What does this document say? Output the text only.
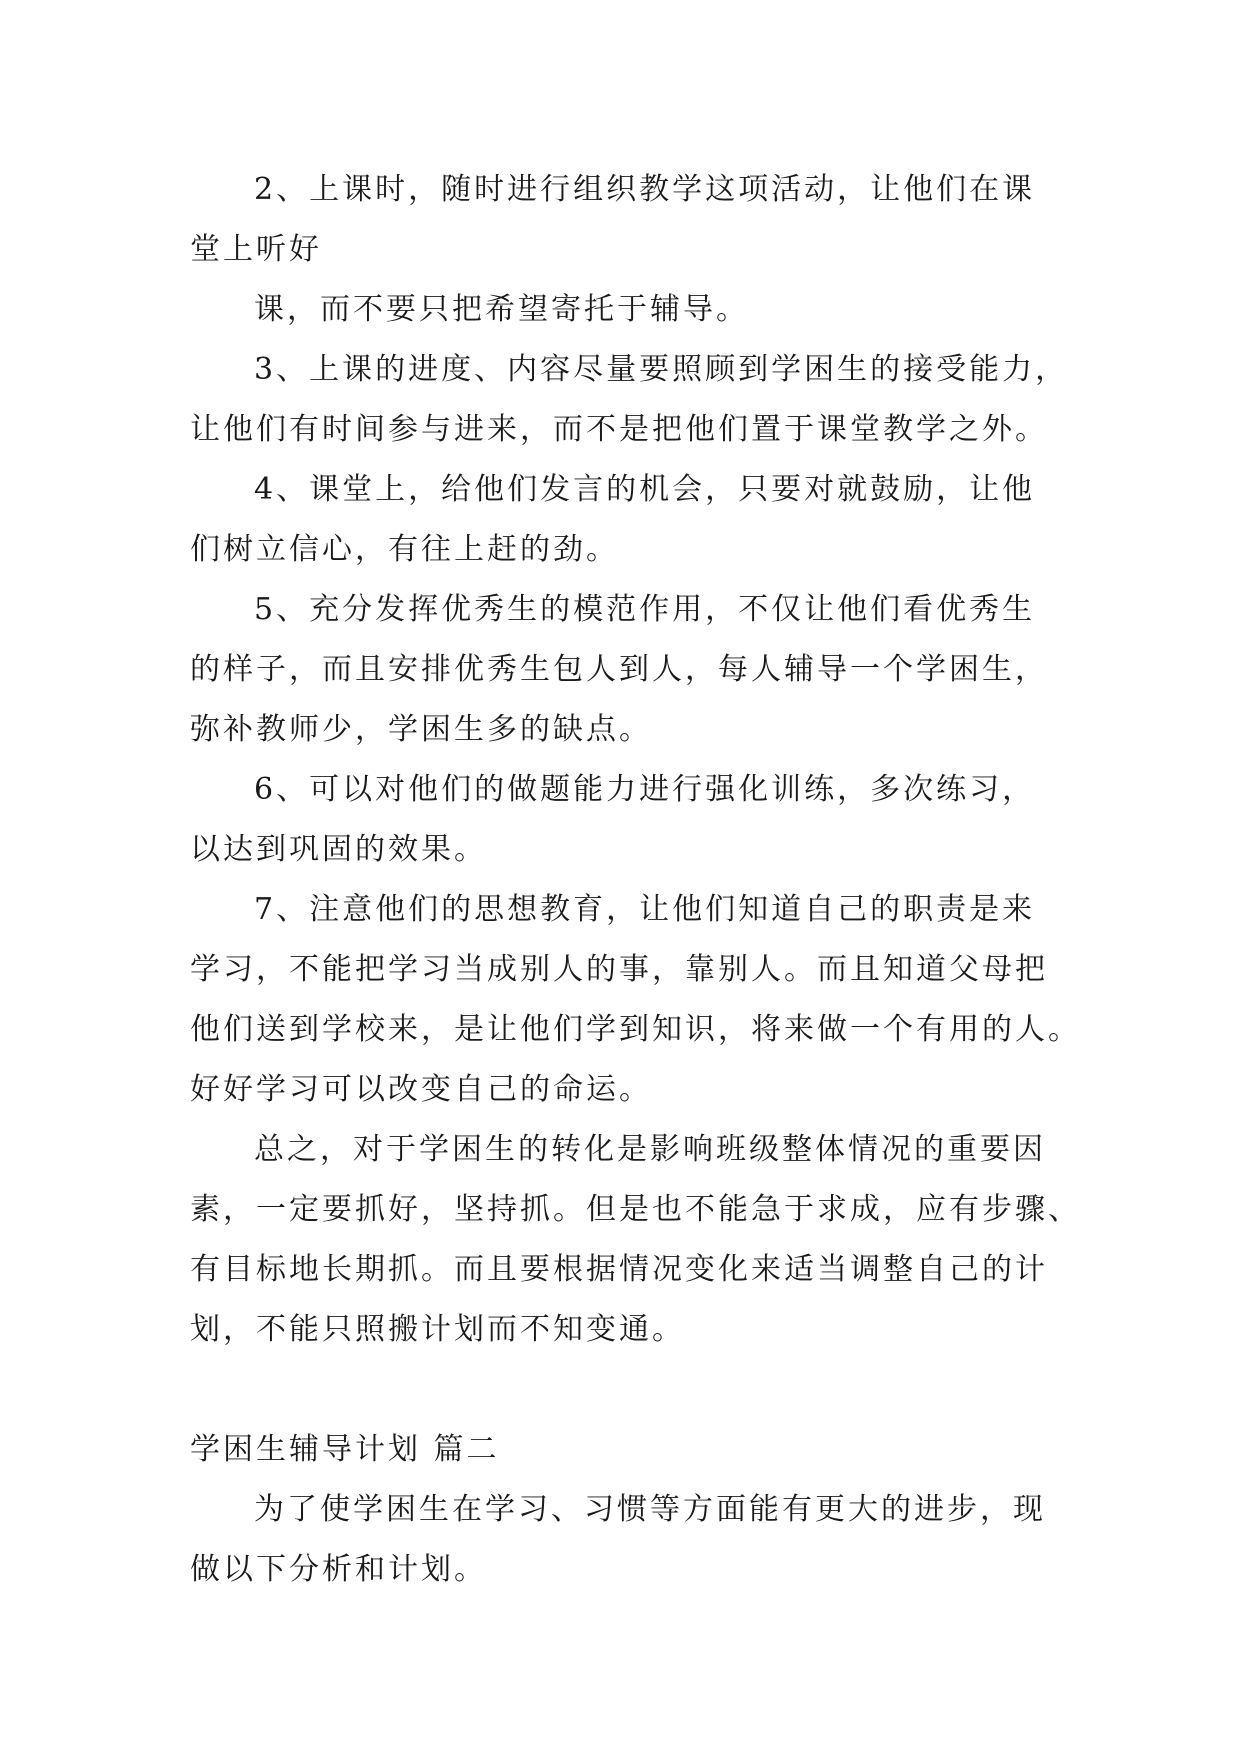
2、上课时，随时进行组织教学这项活动，让他们在课
堂上听好
课，而不要只把希望寄托于辅导。
3、上课的进度、内容尽量要照顾到学困生的接受能力，
让他们有时间参与进来，而不是把他们置于课堂教学之外。
4、课堂上，给他们发言的机会，只要对就鼓励，让他
们树立信心，有往上赶的劲。
5、充分发挥优秀生的模范作用，不仅让他们看优秀生
的样子，而且安排优秀生包人到人，每人辅导一个学困生，
弥补教师少，学困生多的缺点。
6、可以对他们的做题能力进行强化训练，多次练习，
以达到巩固的效果。
7、注意他们的思想教育，让他们知道自己的职责是来
学习，不能把学习当成别人的事，靠别人。而且知道父母把
他们送到学校来，是让他们学到知识，将来做一个有用的人。
好好学习可以改变自己的命运。
总之，对于学困生的转化是影响班级整体情况的重要因
素，一定要抓好，坚持抓。但是也不能急于求成，应有步骤、
有目标地长期抓。而且要根据情况变化来适当调整自己的计
划，不能只照搬计划而不知变通。

学困生辅导计划 篇二

为了使学困生在学习、习惯等方面能有更大的进步，现
做以下分析和计划。
